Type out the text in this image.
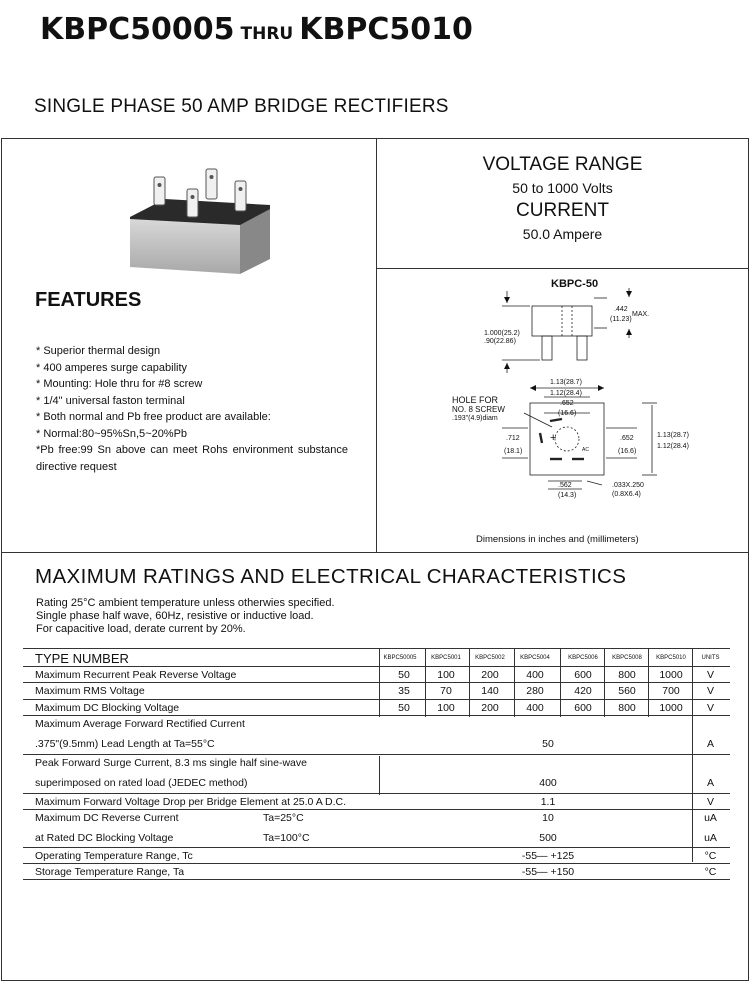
KBPC50005 THRU KBPC5010
SINGLE PHASE 50 AMP BRIDGE RECTIFIERS
FEATURES
* Superior thermal design
* 400 amperes surge capability
* Mounting: Hole thru for #8 screw
* 1/4" universal faston terminal
* Both normal and Pb free product are available:
* Normal:80~95%Sn,5~20%Pb
*Pb free:99 Sn above can meet Rohs environment substance directive request
VOLTAGE RANGE
50 to 1000 Volts
CURRENT
50.0 Ampere
+
1.000(25.2)
.90(22.86)
.442
(11.23)
MAX.
1.13(28.7)
1.12(28.4)
.652
(16.6)
HOLE FOR
NO. 8 SCREW
.193"(4.9)diam
.712
(18.1)
.652
(16.6)
1.13(28.7)
1.12(28.4)
AC
.562
(14.3)
.033X.250
(0.8X6.4)
KBPC-50
Dimensions in inches and (millimeters)
MAXIMUM RATINGS AND ELECTRICAL CHARACTERISTICS
Rating 25°C ambient temperature unless otherwies specified.
Single phase half wave, 60Hz, resistive or inductive load.
For capacitive load, derate current by 20%.
TYPE NUMBER	KBPC50005	KBPC5001	KBPC5002	KBPC5004	KBPC5006	KBPC5008	KBPC5010	UNITS
Maximum Recurrent Peak Reverse Voltage	50	100	200	400	600	800	1000	V
Maximum RMS Voltage	35	70	140	280	420	560	700	V
Maximum DC Blocking Voltage	50	100	200	400	600	800	1000	V
Maximum Average Forward Rectified Current
.375"(9.5mm) Lead Length at Ta=55°C	50	A
Peak Forward Surge Current, 8.3 ms single half sine-wave
superimposed on rated load (JEDEC method)	400	A
Maximum Forward Voltage Drop per Bridge Element at 25.0 A D.C.	1.1	V
Maximum DC Reverse Current	Ta=25°C	10	uA
at Rated DC Blocking Voltage	Ta=100°C	500	uA
Operating Temperature Range, Tc	-55— +125	°C
Storage Temperature Range, Ta	-55— +150	°C
